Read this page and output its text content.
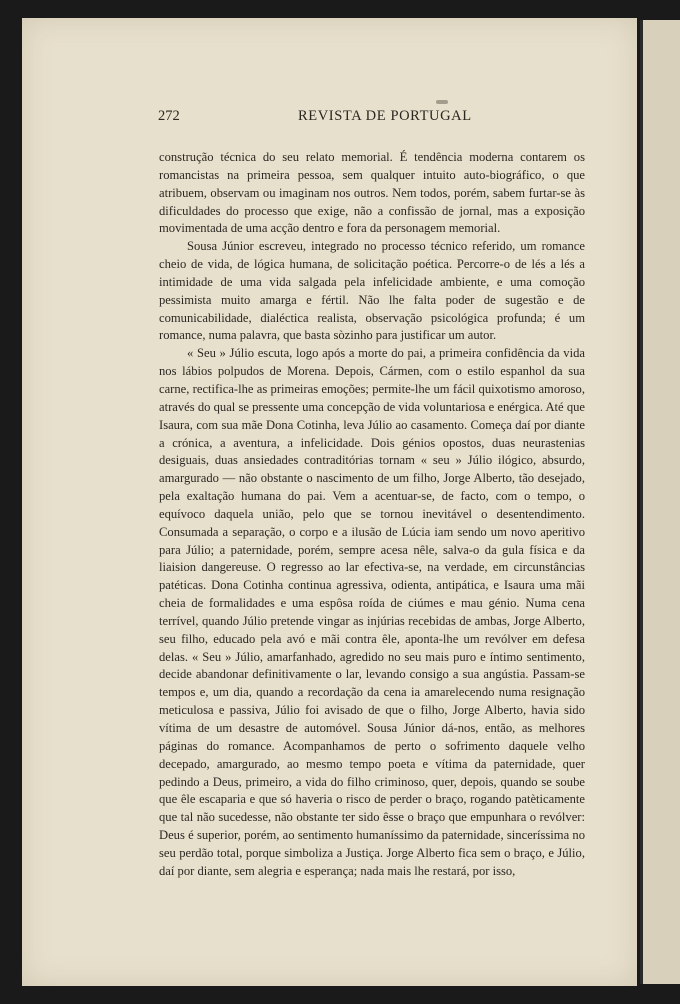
272	REVISTA DE PORTUGAL

construção técnica do seu relato memorial. É tendência moderna contarem os romancistas na primeira pessoa, sem qualquer intuito auto-biográfico, o que atribuem, observam ou imaginam nos outros. Nem todos, porém, sabem furtar-se às dificuldades do processo que exige, não a confissão de jornal, mas a exposição movimentada de uma acção dentro e fora da personagem memorial.

Sousa Júnior escreveu, integrado no processo técnico referido, um romance cheio de vida, de lógica humana, de solicitação poética. Percorre-o de lés a lés a intimidade de uma vida salgada pela infelicidade ambiente, e uma comoção pessimista muito amarga e fértil. Não lhe falta poder de sugestão e de comunicabilidade, dialéctica realista, observação psicológica profunda; é um romance, numa palavra, que basta sòzinho para justificar um autor.

« Seu » Júlio escuta, logo após a morte do pai, a primeira confidência da vida nos lábios polpudos de Morena. Depois, Cármen, com o estilo espanhol da sua carne, rectifica-lhe as primeiras emoções; permite-lhe um fácil quixotismo amoroso, através do qual se pressente uma concepção de vida voluntariosa e enérgica. Até que Isaura, com sua mãe Dona Cotinha, leva Júlio ao casamento. Começa daí por diante a crónica, a aventura, a infelicidade. Dois génios opostos, duas neurastenias desiguais, duas ansiedades contraditórias tornam « seu » Júlio ilógico, absurdo, amargurado — não obstante o nascimento de um filho, Jorge Alberto, tão desejado, pela exaltação humana do pai. Vem a acentuar-se, de facto, com o tempo, o equívoco daquela união, pelo que se tornou inevitável o desentendimento. Consumada a separação, o corpo e a ilusão de Lúcia iam sendo um novo aperitivo para Júlio; a paternidade, porém, sempre acesa nêle, salva-o da gula física e da liaision dangereuse. O regresso ao lar efectiva-se, na verdade, em circunstâncias patéticas. Dona Cotinha continua agressiva, odienta, antipática, e Isaura uma mãi cheia de formalidades e uma espôsa roída de ciúmes e mau génio. Numa cena terrível, quando Júlio pretende vingar as injúrias recebidas de ambas, Jorge Alberto, seu filho, educado pela avó e mãi contra êle, aponta-lhe um revólver em defesa delas. « Seu » Júlio, amarfanhado, agredido no seu mais puro e íntimo sentimento, decide abandonar definitivamente o lar, levando consigo a sua angústia. Passam-se tempos e, um dia, quando a recordação da cena ia amarelecendo numa resignação meticulosa e passiva, Júlio foi avisado de que o filho, Jorge Alberto, havia sido vítima de um desastre de automóvel. Sousa Júnior dá-nos, então, as melhores páginas do romance. Acompanhamos de perto o sofrimento daquele velho decepado, amargurado, ao mesmo tempo poeta e vítima da paternidade, quer pedindo a Deus, primeiro, a vida do filho criminoso, quer, depois, quando se soube que êle escaparia e que só haveria o risco de perder o braço, rogando patèticamente que tal não sucedesse, não obstante ter sido êsse o braço que empunhara o revólver: Deus é superior, porém, ao sentimento humaníssimo da paternidade, sinceríssima no seu perdão total, porque simboliza a Justiça. Jorge Alberto fica sem o braço, e Júlio, daí por diante, sem alegria e esperança; nada mais lhe restará, por isso,
